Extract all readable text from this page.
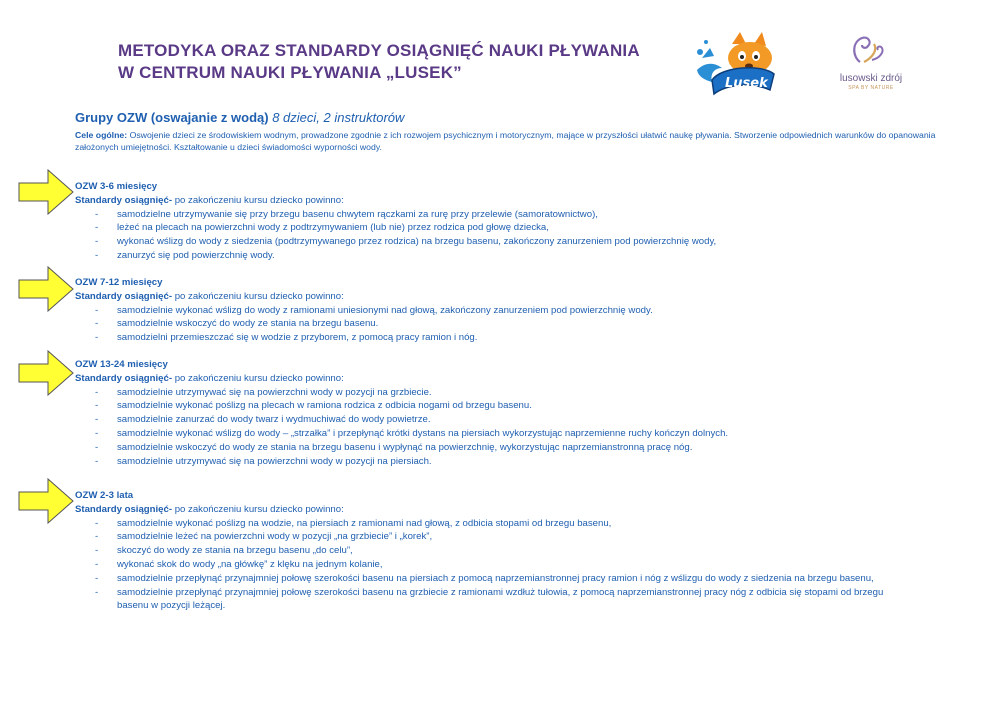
METODYKA ORAZ STANDARDY OSIĄGNIĘĆ NAUKI PŁYWANIA
W CENTRUM NAUKI PŁYWANIA „LUSEK”
Lusek	lusowski zdrój
SPA BY NATURE
Grupy OZW (oswajanie z wodą) 8 dzieci, 2 instruktorów
Cele ogólne: Oswojenie dzieci ze środowiskiem wodnym, prowadzone zgodnie z ich rozwojem psychicznym i motorycznym, mające w przyszłości ułatwić naukę pływania. Stworzenie odpowiednich warunków do opanowania założonych umiejętności. Kształtowanie u dzieci świadomości wyporności wody.
OZW 3-6 miesięcy
Standardy osiągnięć- po zakończeniu kursu dziecko powinno:
- samodzielne utrzymywanie się przy brzegu basenu chwytem rączkami za rurę przy przelewie (samoratownictwo),
- leżeć na plecach na powierzchni wody z podtrzymywaniem (lub nie) przez rodzica pod głowę dziecka,
- wykonać wślizg do wody z siedzenia (podtrzymywanego przez rodzica) na brzegu basenu, zakończony zanurzeniem pod powierzchnię wody,
- zanurzyć się pod powierzchnię wody.
OZW 7-12 miesięcy
Standardy osiągnięć- po zakończeniu kursu dziecko powinno:
- samodzielnie wykonać wślizg do wody z ramionami uniesionymi nad głową, zakończony zanurzeniem pod powierzchnię wody.
- samodzielnie wskoczyć do wody ze stania na brzegu basenu.
- samodzielni przemieszczać się w wodzie z przyborem, z pomocą pracy ramion i nóg.
OZW 13-24 miesięcy
Standardy osiągnięć- po zakończeniu kursu dziecko powinno:
- samodzielnie utrzymywać się na powierzchni wody w pozycji na grzbiecie.
- samodzielnie wykonać poślizg na plecach w ramiona rodzica z odbicia nogami od brzegu basenu.
- samodzielnie zanurzać do wody twarz i wydmuchiwać do wody powietrze.
- samodzielnie wykonać wślizg do wody – „strzałka” i przepłynąć krótki dystans na piersiach wykorzystując naprzemienne ruchy kończyn dolnych.
- samodzielnie wskoczyć do wody ze stania na brzegu basenu i wypłynąć na powierzchnię, wykorzystując naprzemianstronną pracę nóg.
- samodzielnie utrzymywać się na powierzchni wody w pozycji na piersiach.
OZW 2-3 lata
Standardy osiągnięć- po zakończeniu kursu dziecko powinno:
- samodzielnie wykonać poślizg na wodzie, na piersiach z ramionami nad głową, z odbicia stopami od brzegu basenu,
- samodzielnie leżeć na powierzchni wody w pozycji „na grzbiecie” i „korek”,
- skoczyć do wody ze stania na brzegu basenu „do celu”,
- wykonać skok do wody „na główkę” z klęku na jednym kolanie,
- samodzielnie przepłynąć przynajmniej połowę szerokości basenu na piersiach z pomocą naprzemianstronnej pracy ramion i nóg z wślizgu do wody z siedzenia na brzegu basenu,
- samodzielnie przepłynąć przynajmniej połowę szerokości basenu na grzbiecie z ramionami wzdłuż tułowia, z pomocą naprzemianstronnej pracy nóg z odbicia się stopami od brzegu basenu w pozycji leżącej.
